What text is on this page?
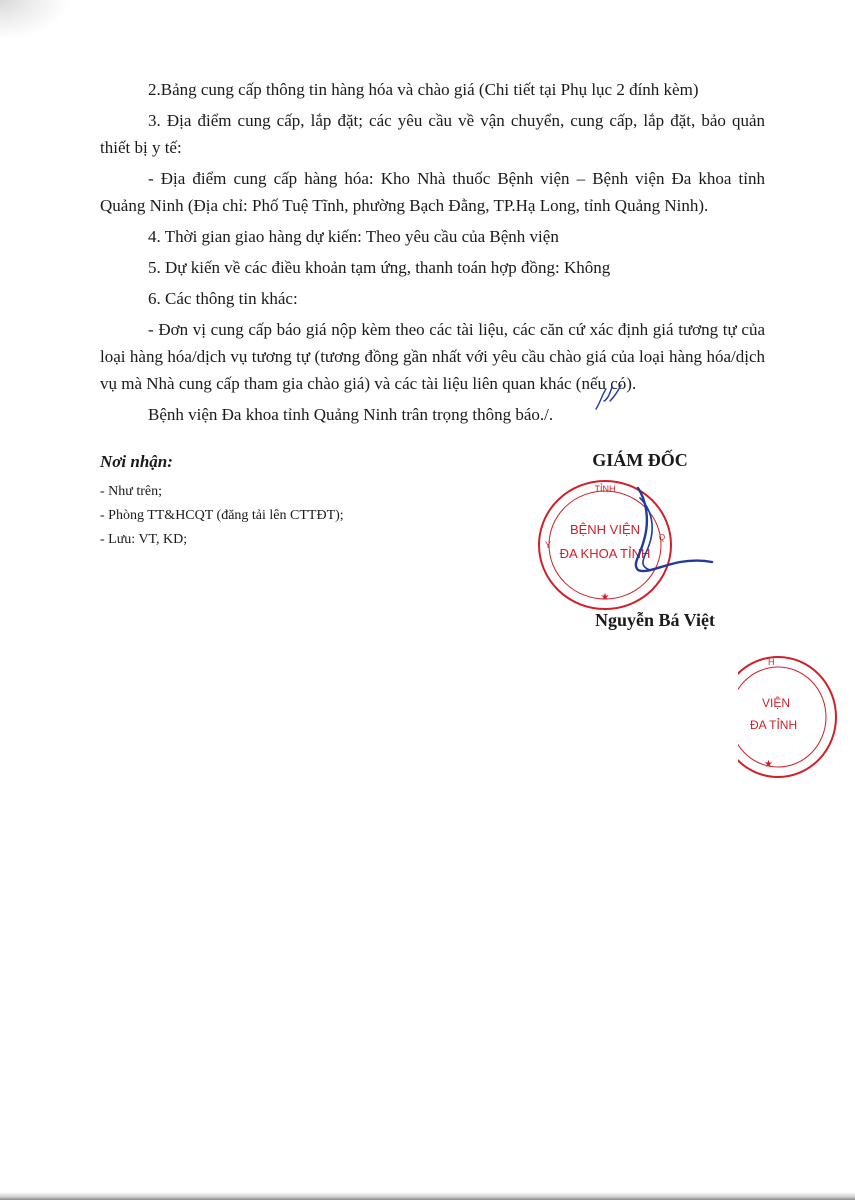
2.Bảng cung cấp thông tin hàng hóa và chào giá (Chi tiết tại Phụ lục 2 đính kèm)

3. Địa điểm cung cấp, lắp đặt; các yêu cầu về vận chuyển, cung cấp, lắp đặt, bảo quản thiết bị y tế:

- Địa điểm cung cấp hàng hóa: Kho Nhà thuốc Bệnh viện – Bệnh viện Đa khoa tỉnh Quảng Ninh (Địa chỉ: Phố Tuệ Tĩnh, phường Bạch Đằng, TP.Hạ Long, tỉnh Quảng Ninh).

4. Thời gian giao hàng dự kiến: Theo yêu cầu của Bệnh viện

5. Dự kiến về các điều khoản tạm ứng, thanh toán hợp đồng: Không

6. Các thông tin khác:

- Đơn vị cung cấp báo giá nộp kèm theo các tài liệu, các căn cứ xác định giá tương tự của loại hàng hóa/dịch vụ tương tự (tương đồng gần nhất với yêu cầu chào giá của loại hàng hóa/dịch vụ mà Nhà cung cấp tham gia chào giá) và các tài liệu liên quan khác (nếu có).

Bệnh viện Đa khoa tỉnh Quảng Ninh trân trọng thông báo./.

Nơi nhận:

- Như trên;

- Phòng TT&HCQT (đăng tải lên CTTĐT);

- Lưu: VT, KD;

GIÁM ĐỐC
TỈNH
Y
Q
★
BỆNH VIỆN
ĐA KHOA TỈNH
Nguyễn Bá Việt
H
★
VIỆN
ĐA TỈNH
